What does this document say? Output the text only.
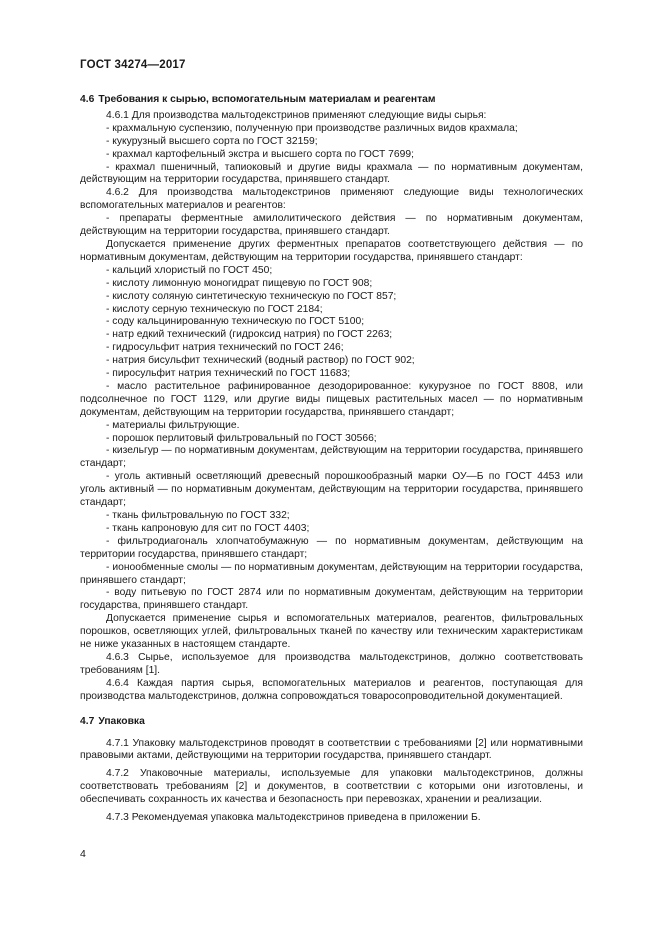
ГОСТ 34274—2017
4.6 Требования к сырью, вспомогательным материалам и реагентам

4.6.1 Для производства мальтодекстринов применяют следующие виды сырья:

- крахмальную суспензию, полученную при производстве различных видов крахмала;

- кукурузный высшего сорта по ГОСТ 32159;

- крахмал картофельный экстра и высшего сорта по ГОСТ 7699;

- крахмал пшеничный, тапиоковый и другие виды крахмала — по нормативным документам, действующим на территории государства, принявшего стандарт.

4.6.2 Для производства мальтодекстринов применяют следующие виды технологических вспомогательных материалов и реагентов:

- препараты ферментные амилолитического действия — по нормативным документам, действующим на территории государства, принявшего стандарт.

Допускается применение других ферментных препаратов соответствующего действия — по нормативным документам, действующим на территории государства, принявшего стандарт:

- кальций хлористый по ГОСТ 450;

- кислоту лимонную моногидрат пищевую по ГОСТ 908;

- кислоту соляную синтетическую техническую по ГОСТ 857;

- кислоту серную техническую по ГОСТ 2184;

- соду кальцинированную техническую по ГОСТ 5100;

- натр едкий технический (гидроксид натрия) по ГОСТ 2263;

- гидросульфит натрия технический по ГОСТ 246;

- натрия бисульфит технический (водный раствор) по ГОСТ 902;

- пиросульфит натрия технический по ГОСТ 11683;

- масло растительное рафинированное дезодорированное: кукурузное по ГОСТ 8808, или подсолнечное по ГОСТ 1129, или другие виды пищевых растительных масел — по нормативным документам, действующим на территории государства, принявшего стандарт;

- материалы фильтрующие.

- порошок перлитовый фильтровальный по ГОСТ 30566;

- кизельгур — по нормативным документам, действующим на территории государства, принявшего стандарт;

- уголь активный осветляющий древесный порошкообразный марки ОУ—Б по ГОСТ 4453 или уголь активный — по нормативным документам, действующим на территории государства, принявшего стандарт;

- ткань фильтровальную по ГОСТ 332;

- ткань капроновую для сит по ГОСТ 4403;

- фильтродиагональ хлопчатобумажную — по нормативным документам, действующим на территории государства, принявшего стандарт;

- ионообменные смолы — по нормативным документам, действующим на территории государства, принявшего стандарт;

- воду питьевую по ГОСТ 2874 или по нормативным документам, действующим на территории государства, принявшего стандарт.

Допускается применение сырья и вспомогательных материалов, реагентов, фильтровальных порошков, осветляющих углей, фильтровальных тканей по качеству или техническим характеристикам не ниже указанных в настоящем стандарте.

4.6.3 Сырье, используемое для производства мальтодекстринов, должно соответствовать требованиям [1].

4.6.4 Каждая партия сырья, вспомогательных материалов и реагентов, поступающая для производства мальтодекстринов, должна сопровождаться товаросопроводительной документацией.

4.7 Упаковка

4.7.1 Упаковку мальтодекстринов проводят в соответствии с требованиями [2] или нормативными правовыми актами, действующими на территории государства, принявшего стандарт.

4.7.2 Упаковочные материалы, используемые для упаковки мальтодекстринов, должны соответствовать требованиям [2] и документов, в соответствии с которыми они изготовлены, и обеспечивать сохранность их качества и безопасность при перевозках, хранении и реализации.

4.7.3 Рекомендуемая упаковка мальтодекстринов приведена в приложении Б.

4
